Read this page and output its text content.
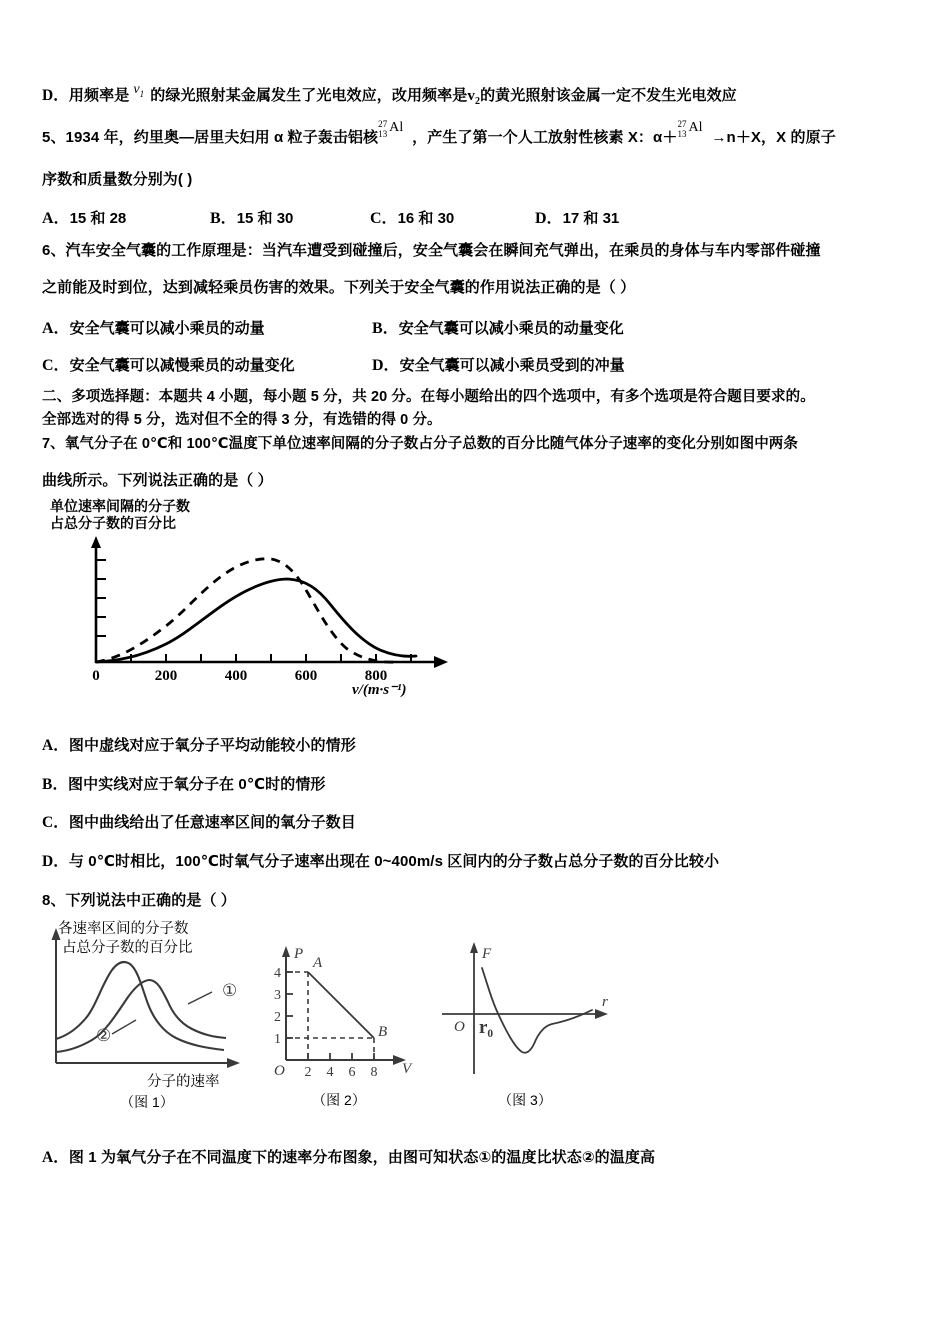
D．用频率是 $\nu_1$ 的绿光照射某金属发生了光电效应，改用频率是$v_2$的黄光照射该金属一定不发生光电效应
5、1934 年，约里奥—居里夫妇用 α 粒子轰击铝核
27
13 Al
，产生了第一个人工放射性核素 X：α＋
27
13 Al
→n＋X，X 的原子
序数和质量数分别为( )
A．15 和 28	B．15 和 30	C．16 和 30	D．17 和 31
6、汽车安全气囊的工作原理是：当汽车遭受到碰撞后，安全气囊会在瞬间充气弹出，在乘员的身体与车内零部件碰撞
之前能及时到位，达到减轻乘员伤害的效果。下列关于安全气囊的作用说法正确的是（ ）
A．安全气囊可以减小乘员的动量	B．安全气囊可以减小乘员的动量变化
C．安全气囊可以减慢乘员的动量变化	D．安全气囊可以减小乘员受到的冲量
二、多项选择题：本题共 4 小题，每小题 5 分，共 20 分。在每小题给出的四个选项中，有多个选项是符合题目要求的。
全部选对的得 5 分，选对但不全的得 3 分，有选错的得 0 分。
7、氧气分子在 0℃和 100℃温度下单位速率间隔的分子数占分子总数的百分比随气体分子速率的变化分别如图中两条
曲线所示。下列说法正确的是（ ）
单位速率间隔的分子数
占总分子数的百分比
0	200	400	600	800
v/(m·s⁻¹)
A．图中虚线对应于氧分子平均动能较小的情形
B．图中实线对应于氧分子在 0℃时的情形
C．图中曲线给出了任意速率区间的氧分子数目
D．与 0℃时相比，100℃时氧气分子速率出现在 0~400m/s 区间内的分子数占总分子数的百分比较小
8、下列说法中正确的是（ ）
各速率区间的分子数
占总分子数的百分比
①
②
分子的速率
（图 1）
P
V
A
B
1
2
3
4
O 2 4 6 8
（图 2）
F
r
O r₀
（图 3）
A．图 1 为氧气分子在不同温度下的速率分布图象，由图可知状态①的温度比状态②的温度高
